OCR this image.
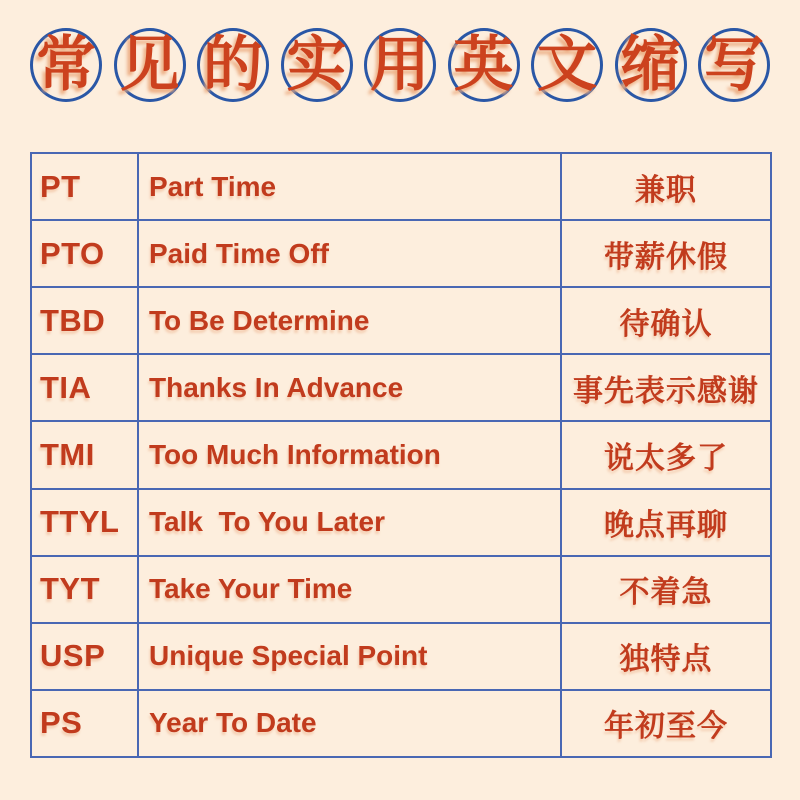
常 见 的 实 用 英 文 缩 写
PT	Part Time	兼职
PTO	Paid Time Off	带薪休假
TBD	To Be Determine	待确认
TIA	Thanks In Advance	事先表示感谢
TMI	Too Much Information	说太多了
TTYL	Talk  To You Later	晚点再聊
TYT	Take Your Time	不着急
USP	Unique Special Point	独特点
PS	Year To Date	年初至今
